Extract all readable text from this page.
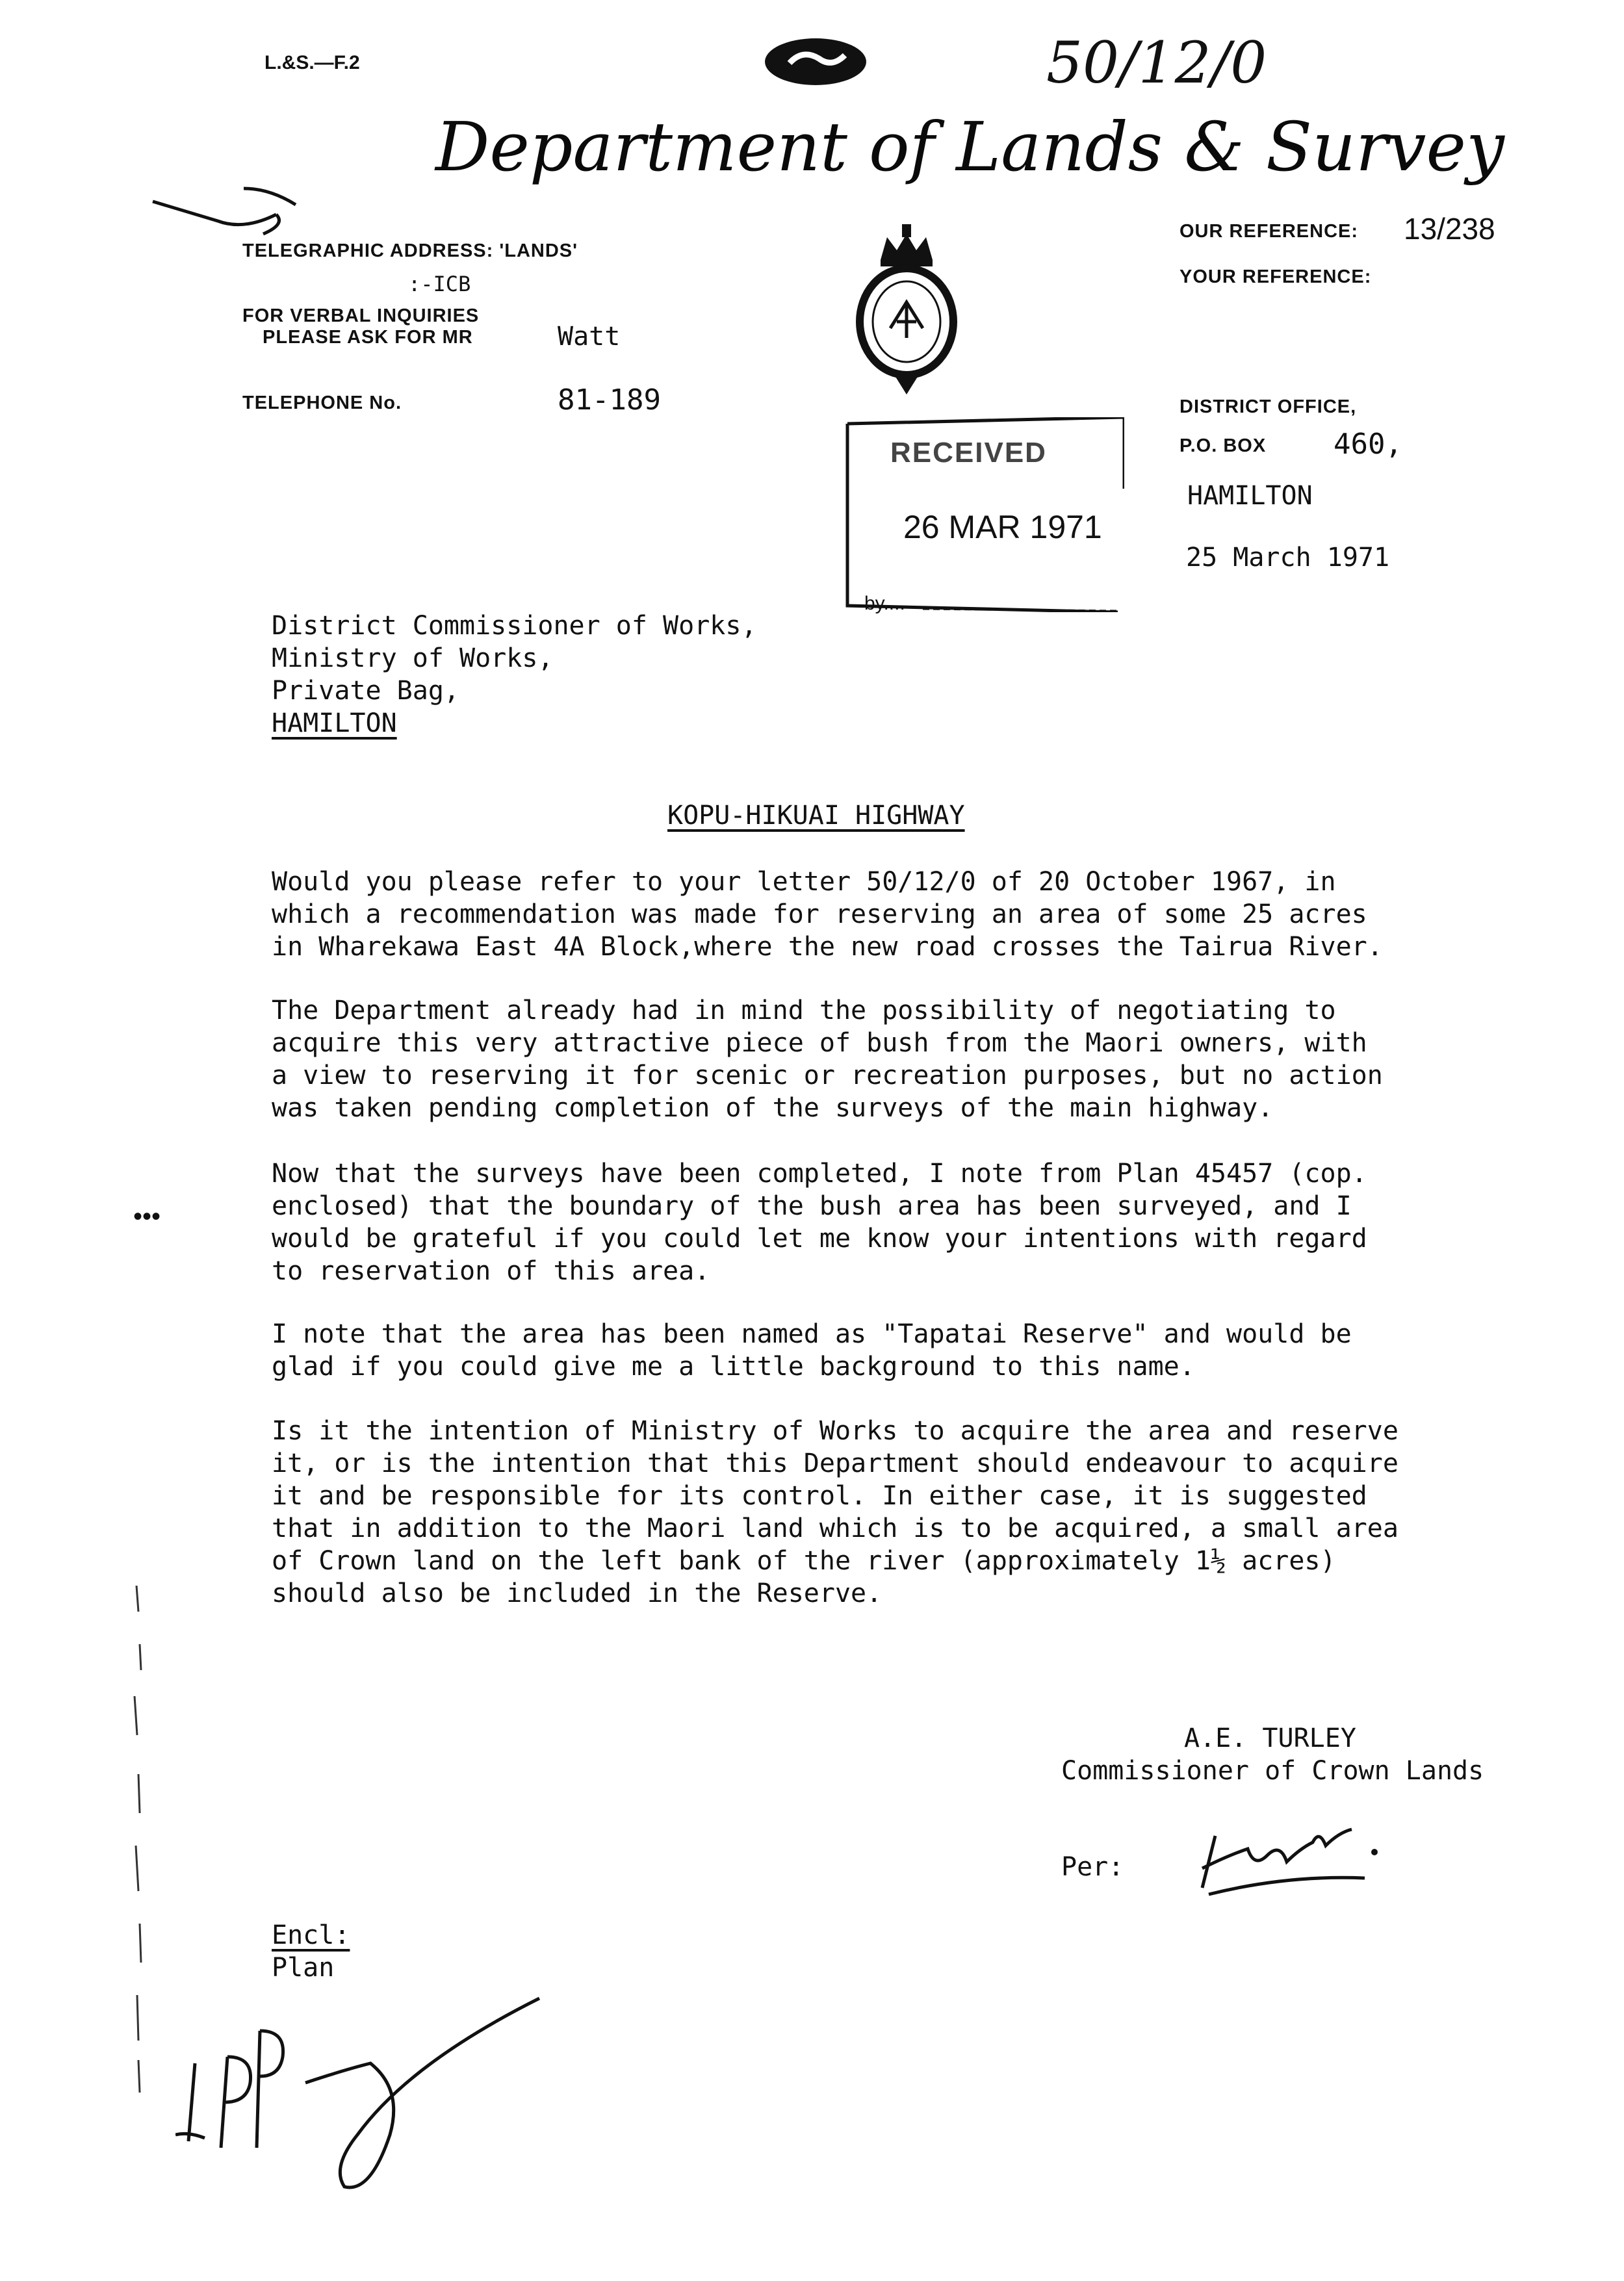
L.&S.—F.2	50/12/0
Department of Lands & Survey
TELEGRAPHIC ADDRESS: 'LANDS'
:-ICB
FOR VERBAL INQUIRIES
PLEASE ASK FOR MR	Watt
TELEPHONE No.	81-189
OUR REFERENCE: 13/238
YOUR REFERENCE:
DISTRICT OFFICE,
P.O. BOX 460,
HAMILTON
25 March 1971
RECEIVED
26 MAR 1971
by....
District Commissioner of Works,
Ministry of Works,
Private Bag,
HAMILTON
KOPU-HIKUAI HIGHWAY
Would you please refer to your letter 50/12/0 of 20 October 1967, in
which a recommendation was made for reserving an area of some 25 acres
in Wharekawa East 4A Block,where the new road crosses the Tairua River.
The Department already had in mind the possibility of negotiating to
acquire this very attractive piece of bush from the Maori owners, with
a view to reserving it for scenic or recreation purposes, but no action
was taken pending completion of the surveys of the main highway.
Now that the surveys have been completed, I note from Plan 45457 (cop.
enclosed) that the boundary of the bush area has been surveyed, and I
would be grateful if you could let me know your intentions with regard
to reservation of this area.
I note that the area has been named as "Tapatai Reserve" and would be
glad if you could give me a little background to this name.
Is it the intention of Ministry of Works to acquire the area and reserve
it, or is the intention that this Department should endeavour to acquire
it and be responsible for its control. In either case, it is suggested
that in addition to the Maori land which is to be acquired, a small area
of Crown land on the left bank of the river (approximately 1½ acres)
should also be included in the Reserve.
•••
A.E. TURLEY
Commissioner of Crown Lands
Per:
Encl:
Plan
